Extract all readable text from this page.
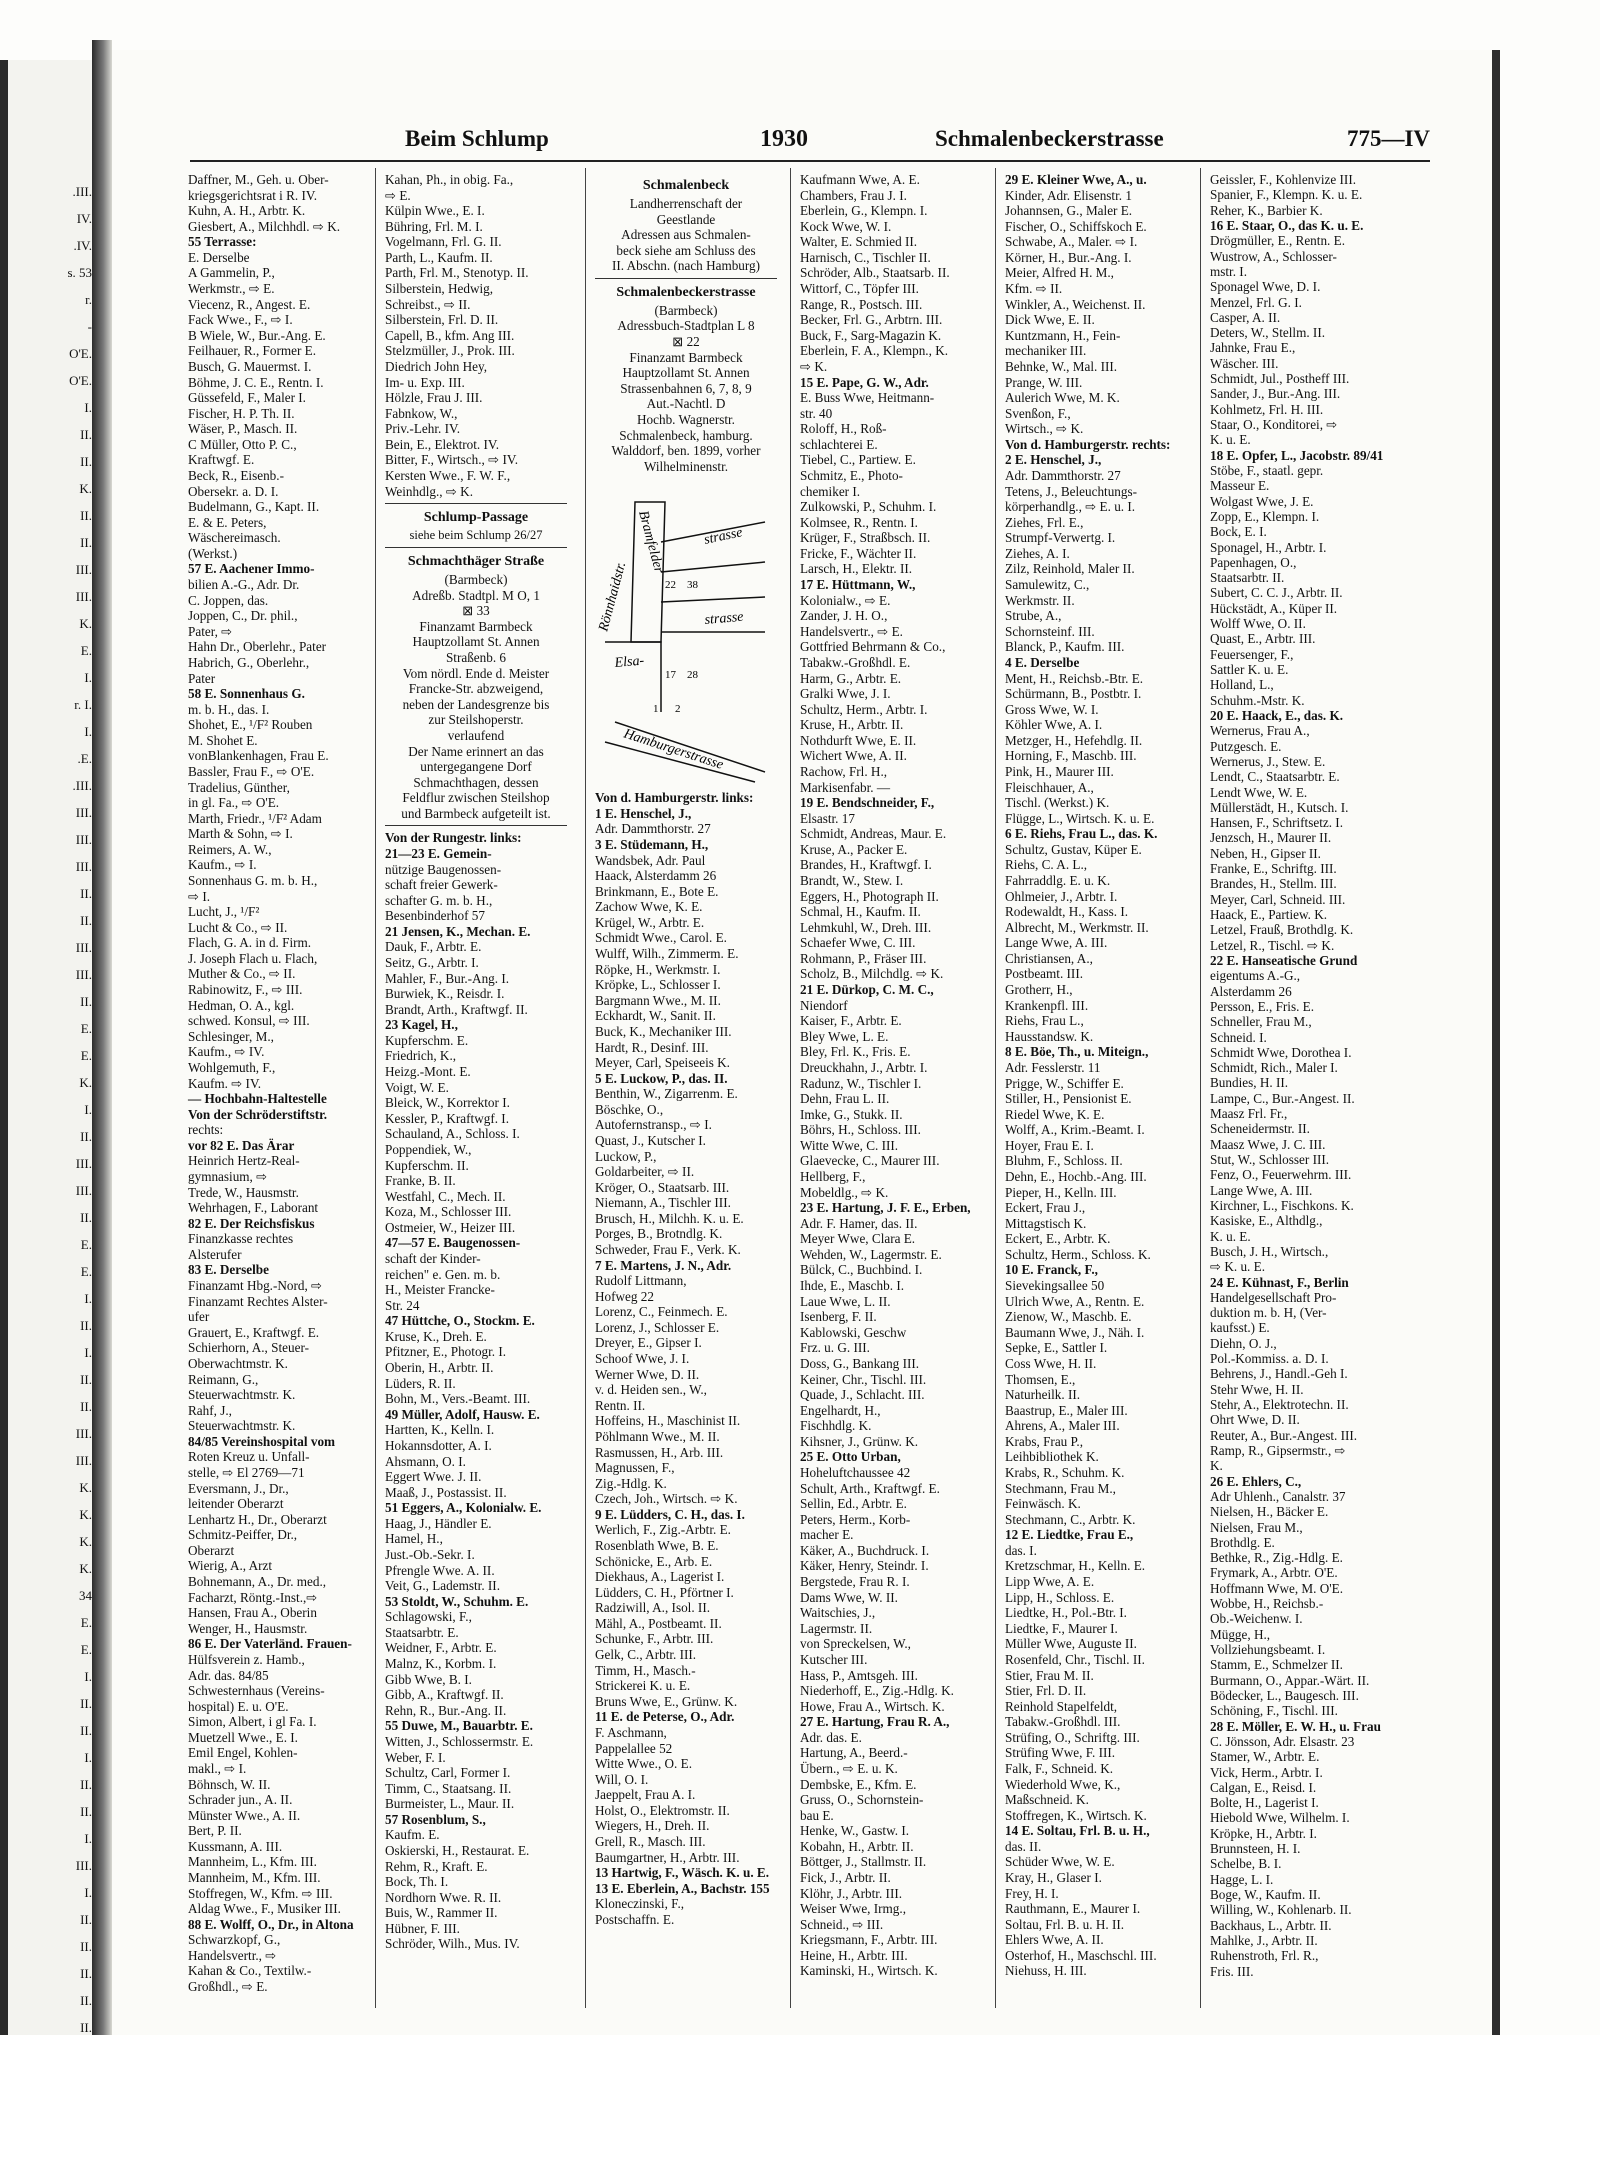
.III.
IV.
.IV.
s. 53
r.
-
O'E.
O'E.
I.
II.
II.
K.
II.
II.
III.
III.
K.
E.
I.
r. I.
I.
.E.
.III.
III.
III.
III.
II.
II.
III.
III.
II.
E.
E.
K.
I.
II.
III.
III.
II.
E.
E.
I.
II.
I.
II.
II.
III.
III.
K.
K.
K.
K.
34
E.
E.
I.
II.
II.
I.
II.
II.
I.
III.
I.
II.
II.
II.
II.
II.
Beim Schlump	1930	Schmalenbeckerstrasse	775—IV
Daffner, M., Geh. u. Ober-
kriegsgerichtsrat i R. IV.
Kuhn, A. H., Arbtr. K.
Giesbert, A., Milchhdl. ⇨ K.
55 Terrasse:
E. Derselbe
A Gammelin, P.,
Werkmstr., ⇨ E.
Viecenz, R., Angest. E.
Fack Wwe., F., ⇨ I.
B Wiele, W., Bur.-Ang. E.
Feilhauer, R., Former E.
Busch, G. Mauermst. I.
Böhme, J. C. E., Rentn. I.
Güssefeld, F., Maler I.
Fischer, H. P. Th. II.
Wäser, P., Masch. II.
C Müller, Otto P. C.,
Kraftwgf. E.
Beck, R., Eisenb.-
Obersekr. a. D. I.
Budelmann, G., Kapt. II.
E. & E. Peters,
Wäschereimasch.
(Werkst.)
57 E. Aachener Immo-
bilien A.-G., Adr. Dr.
C. Joppen, das.
Joppen, C., Dr. phil.,
Pater, ⇨
Hahn Dr., Oberlehr., Pater
Habrich, G., Oberlehr.,
Pater
58 E. Sonnenhaus G.
m. b. H., das. I.
Shohet, E., ¹/F² Rouben
M. Shohet E.
vonBlankenhagen, Frau E.
Bassler, Frau F., ⇨ O'E.
Tradelius, Günther,
in gl. Fa., ⇨ O'E.
Marth, Friedr., ¹/F² Adam
Marth & Sohn, ⇨ I.
Reimers, A. W.,
Kaufm., ⇨ I.
Sonnenhaus G. m. b. H.,
⇨ I.
Lucht, J., ¹/F²
Lucht & Co., ⇨ II.
Flach, G. A. in d. Firm.
J. Joseph Flach u. Flach,
Muther & Co., ⇨ II.
Rabinowitz, F., ⇨ III.
Hedman, O. A., kgl.
schwed. Konsul, ⇨ III.
Schlesinger, M.,
Kaufm., ⇨ IV.
Wohlgemuth, F.,
Kaufm. ⇨ IV.
— Hochbahn-Haltestelle
Von der Schröderstiftstr.
rechts:
vor 82 E. Das Ärar
Heinrich Hertz-Real-
gymnasium, ⇨
Trede, W., Hausmstr.
Wehrhagen, F., Laborant
82 E. Der Reichsfiskus
Finanzkasse rechtes
Alsterufer
83 E. Derselbe
Finanzamt Hbg.-Nord, ⇨
Finanzamt Rechtes Alster-
ufer
Grauert, E., Kraftwgf. E.
Schierhorn, A., Steuer-
Oberwachtmstr. K.
Reimann, G.,
Steuerwachtmstr. K.
Rahf, J.,
Steuerwachtmstr. K.
84/85 Vereinshospital vom
Roten Kreuz u. Unfall-
stelle, ⇨ El 2769—71
Eversmann, J., Dr.,
leitender Oberarzt
Lenhartz H., Dr., Oberarzt
Schmitz-Peiffer, Dr.,
Oberarzt
Wierig, A., Arzt
Bohnemann, A., Dr. med.,
Facharzt, Röntg.-Inst.,⇨
Hansen, Frau A., Oberin
Wenger, H., Hausmstr.
86 E. Der Vaterländ. Frauen-
Hülfsverein z. Hamb.,
Adr. das. 84/85
Schwesternhaus (Vereins-
hospital) E. u. O'E.
Simon, Albert, i gl Fa. I.
Muetzell Wwe., E. I.
Emil Engel, Kohlen-
makl., ⇨ I.
Böhnsch, W. II.
Schrader jun., A. II.
Münster Wwe., A. II.
Bert, P. II.
Kussmann, A. III.
Mannheim, L., Kfm. III.
Mannheim, M., Kfm. III.
Stoffregen, W., Kfm. ⇨ III.
Aldag Wwe., F., Musiker III.
88 E. Wolff, O., Dr., in Altona
Schwarzkopf, G.,
Handelsvertr., ⇨
Kahan & Co., Textilw.-
Großhdl., ⇨ E.
Kahan, Ph., in obig. Fa.,
⇨ E.
Külpin Wwe., E. I.
Bühring, Frl. M. I.
Vogelmann, Frl. G. II.
Parth, L., Kaufm. II.
Parth, Frl. M., Stenotyp. II.
Silberstein, Hedwig,
Schreibst., ⇨ II.
Silberstein, Frl. D. II.
Capell, B., kfm. Ang III.
Stelzmüller, J., Prok. III.
Diedrich John Hey,
Im- u. Exp. III.
Hölzle, Frau J. III.
Fabnkow, W.,
Priv.-Lehr. IV.
Bein, E., Elektrot. IV.
Bitter, F., Wirtsch., ⇨ IV.
Kersten Wwe., F. W. F.,
Weinhdlg., ⇨ K.
Schlump-Passage
siehe beim Schlump 26/27
Schmachthäger Straße
(Barmbeck)
Adreßb. Stadtpl. M O, 1
⊠ 33
Finanzamt Barmbeck
Hauptzollamt St. Annen
Straßenb. 6
Vom nördl. Ende d. Meister
Francke-Str. abzweigend,
neben der Landesgrenze bis
zur Steilshoperstr.
verlaufend
Der Name erinnert an das
untergegangene Dorf
Schmachthagen, dessen
Feldflur zwischen Steilshop
und Barmbeck aufgeteilt ist.
Von der Rungestr. links:
21—23 E. Gemein-
nützige Baugenossen-
schaft freier Gewerk-
schafter G. m. b. H.,
Besenbinderhof 57
21 Jensen, K., Mechan. E.
Dauk, F., Arbtr. E.
Seitz, G., Arbtr. I.
Mahler, F., Bur.-Ang. I.
Burwiek, K., Reisdr. I.
Brandt, Arth., Kraftwgf. II.
23 Kagel, H.,
Kupferschm. E.
Friedrich, K.,
Heizg.-Mont. E.
Voigt, W. E.
Bleick, W., Korrektor I.
Kessler, P., Kraftwgf. I.
Schauland, A., Schloss. I.
Poppendiek, W.,
Kupferschm. II.
Franke, B. II.
Westfahl, C., Mech. II.
Koza, M., Schlosser III.
Ostmeier, W., Heizer III.
47—57 E. Baugenossen-
schaft der Kinder-
reichen" e. Gen. m. b.
H., Meister Francke-
Str. 24
47 Hüttche, O., Stockm. E.
Kruse, K., Dreh. E.
Pfitzner, E., Photogr. I.
Oberin, H., Arbtr. II.
Lüders, R. II.
Bohn, M., Vers.-Beamt. III.
49 Müller, Adolf, Hausw. E.
Hartten, K., Kelln. I.
Hokannsdotter, A. I.
Ahsmann, O. I.
Eggert Wwe. J. II.
Maaß, J., Postassist. II.
51 Eggers, A., Kolonialw. E.
Haag, J., Händler E.
Hamel, H.,
Just.-Ob.-Sekr. I.
Pfrengle Wwe. A. II.
Veit, G., Lademstr. II.
53 Stoldt, W., Schuhm. E.
Schlagowski, F.,
Staatsarbtr. E.
Weidner, F., Arbtr. E.
Malnz, K., Korbm. I.
Gibb Wwe, B. I.
Gibb, A., Kraftwgf. II.
Rehn, R., Bur.-Ang. II.
55 Duwe, M., Bauarbtr. E.
Witten, J., Schlossermstr. E.
Weber, F. I.
Schultz, Carl, Former I.
Timm, C., Staatsang. II.
Burmeister, L., Maur. II.
57 Rosenblum, S.,
Kaufm. E.
Oskierski, H., Restaurat. E.
Rehm, R., Kraft. E.
Bock, Th. I.
Nordhorn Wwe. R. II.
Buis, W., Rammer II.
Hübner, F. III.
Schröder, Wilh., Mus. IV.
Schmalenbeck
Landherrenschaft der
Geestlande
Adressen aus Schmalen-
beck siehe am Schluss des
II. Abschn. (nach Hamburg)
Schmalenbeckerstrasse
(Barmbeck)
Adressbuch-Stadtplan L 8
⊠ 22
Finanzamt Barmbeck
Hauptzollamt St. Annen
Strassenbahnen 6, 7, 8, 9
Aut.-Nachtl. D
Hochb. Wagnerstr.
Schmalenbeck, hamburg.
Walddorf, ben. 1899, vorher
Wilhelminenstr.
Bramfelder
Rönnhaidstr.
strasse
Elsa-
strasse
Hamburgerstrasse
22 38
17 28
1 2
Von d. Hamburgerstr. links:
1 E. Henschel, J.,
Adr. Dammthorstr. 27
3 E. Stüdemann, H.,
Wandsbek, Adr. Paul
Haack, Alsterdamm 26
Brinkmann, E., Bote E.
Zachow Wwe, K. E.
Krügel, W., Arbtr. E.
Schmidt Wwe., Carol. E.
Wulff, Wilh., Zimmerm. E.
Röpke, H., Werkmstr. I.
Kröpke, L., Schlosser I.
Bargmann Wwe., M. II.
Eckhardt, W., Sanit. II.
Buck, K., Mechaniker III.
Hardt, R., Desinf. III.
Meyer, Carl, Speiseeis K.
5 E. Luckow, P., das. II.
Benthin, W., Zigarrenm. E.
Böschke, O.,
Autofernstransp., ⇨ I.
Quast, J., Kutscher I.
Luckow, P.,
Goldarbeiter, ⇨ II.
Kröger, O., Staatsarb. III.
Niemann, A., Tischler III.
Brusch, H., Milchh. K. u. E.
Porges, B., Brotndlg. K.
Schweder, Frau F., Verk. K.
7 E. Martens, J. N., Adr.
Rudolf Littmann,
Hofweg 22
Lorenz, C., Feinmech. E.
Lorenz, J., Schlosser E.
Dreyer, E., Gipser I.
Schoof Wwe, J. I.
Werner Wwe, D. II.
v. d. Heiden sen., W.,
Rentn. II.
Hoffeins, H., Maschinist II.
Pöhlmann Wwe., M. II.
Rasmussen, H., Arb. III.
Magnussen, F.,
Zig.-Hdlg. K.
Czech, Joh., Wirtsch. ⇨ K.
9 E. Lüdders, C. H., das. I.
Werlich, F., Zig.-Arbtr. E.
Rosenblath Wwe, B. E.
Schönicke, E., Arb. E.
Diekhaus, A., Lagerist I.
Lüdders, C. H., Pförtner I.
Radziwill, A., Isol. II.
Mähl, A., Postbeamt. II.
Schunke, F., Arbtr. III.
Gelk, C., Arbtr. III.
Timm, H., Masch.-
Strickerei K. u. E.
Bruns Wwe, E., Grünw. K.
11 E. de Peterse, O., Adr.
F. Aschmann,
Pappelallee 52
Witte Wwe., O. E.
Will, O. I.
Jaeppelt, Frau A. I.
Holst, O., Elektromstr. II.
Wiegers, H., Dreh. II.
Grell, R., Masch. III.
Baumgartner, H., Arbtr. III.
13 Hartwig, F., Wäsch. K. u. E.
13 E. Eberlein, A., Bachstr. 155
Kloneczinski, F.,
Postschaffn. E.
Kaufmann Wwe, A. E.
Chambers, Frau J. I.
Eberlein, G., Klempn. I.
Kock Wwe, W. I.
Walter, E. Schmied II.
Harnisch, C., Tischler II.
Schröder, Alb., Staatsarb. II.
Wittorf, C., Töpfer III.
Range, R., Postsch. III.
Becker, Frl. G., Arbtrn. III.
Buck, F., Sarg-Magazin K.
Eberlein, F. A., Klempn., K.
⇨ K.
15 E. Pape, G. W., Adr.
E. Buss Wwe, Heitmann-
str. 40
Roloff, H., Roß-
schlachterei E.
Tiebel, C., Partiew. E.
Schmitz, E., Photo-
chemiker I.
Zulkowski, P., Schuhm. I.
Kolmsee, R., Rentn. I.
Krüger, F., Straßbsch. II.
Fricke, F., Wächter II.
Larsch, H., Elektr. II.
17 E. Hüttmann, W.,
Kolonialw., ⇨ E.
Zander, J. H. O.,
Handelsvertr., ⇨ E.
Gottfried Behrmann & Co.,
Tabakw.-Großhdl. E.
Harm, G., Arbtr. E.
Gralki Wwe, J. I.
Schultz, Herm., Arbtr. I.
Kruse, H., Arbtr. II.
Nothdurft Wwe, E. II.
Wichert Wwe, A. II.
Rachow, Frl. H.,
Markisenfabr. —
19 E. Bendschneider, F.,
Elsastr. 17
Schmidt, Andreas, Maur. E.
Kruse, A., Packer E.
Brandes, H., Kraftwgf. I.
Brandt, W., Stew. I.
Eggers, H., Photograph II.
Schmal, H., Kaufm. II.
Lehmkuhl, W., Dreh. III.
Schaefer Wwe, C. III.
Rohmann, P., Fräser III.
Scholz, B., Milchdlg. ⇨ K.
21 E. Dürkop, C. M. C.,
Niendorf
Kaiser, F., Arbtr. E.
Bley Wwe, L. E.
Bley, Frl. K., Fris. E.
Dreuckhahn, J., Arbtr. I.
Radunz, W., Tischler I.
Dehn, Frau L. II.
Imke, G., Stukk. II.
Böhrs, H., Schloss. III.
Witte Wwe, C. III.
Glaevecke, C., Maurer III.
Hellberg, F.,
Mobeldlg., ⇨ K.
23 E. Hartung, J. F. E., Erben,
Adr. F. Hamer, das. II.
Meyer Wwe, Clara E.
Wehden, W., Lagermstr. E.
Bülck, C., Buchbind. I.
Ihde, E., Maschb. I.
Laue Wwe, L. II.
Isenberg, F. II.
Kablowski, Geschw
Frz. u. G. III.
Doss, G., Bankang III.
Keiner, Chr., Tischl. III.
Quade, J., Schlacht. III.
Engelhardt, H.,
Fischhdlg. K.
Kihsner, J., Grünw. K.
25 E. Otto Urban,
Hoheluftchaussee 42
Schult, Arth., Kraftwgf. E.
Sellin, Ed., Arbtr. E.
Peters, Herm., Korb-
macher E.
Käker, A., Buchdruck. I.
Käker, Henry, Steindr. I.
Bergstede, Frau R. I.
Dams Wwe, W. II.
Waitschies, J.,
Lagermstr. II.
von Spreckelsen, W.,
Kutscher III.
Hass, P., Amtsgeh. III.
Niederhoff, E., Zig.-Hdlg. K.
Howe, Frau A., Wirtsch. K.
27 E. Hartung, Frau R. A.,
Adr. das. E.
Hartung, A., Beerd.-
Übern., ⇨ E. u. K.
Dembske, E., Kfm. E.
Gruss, O., Schornstein-
bau E.
Henke, W., Gastw. I.
Kobahn, H., Arbtr. II.
Böttger, J., Stallmstr. II.
Fick, J., Arbtr. II.
Klöhr, J., Arbtr. III.
Weiser Wwe, Irmg.,
Schneid., ⇨ III.
Kriegsmann, F., Arbtr. III.
Heine, H., Arbtr. III.
Kaminski, H., Wirtsch. K.
29 E. Kleiner Wwe, A., u.
Kinder, Adr. Elisenstr. 1
Johannsen, G., Maler E.
Fischer, O., Schiffskoch E.
Schwabe, A., Maler. ⇨ I.
Körner, H., Bur.-Ang. I.
Meier, Alfred H. M.,
Kfm. ⇨ II.
Winkler, A., Weichenst. II.
Dick Wwe, E. II.
Kuntzmann, H., Fein-
mechaniker III.
Behnke, W., Mal. III.
Prange, W. III.
Aulerich Wwe, M. K.
Svenßon, F.,
Wirtsch., ⇨ K.
Von d. Hamburgerstr. rechts:
2 E. Henschel, J.,
Adr. Dammthorstr. 27
Tetens, J., Beleuchtungs-
körperhandlg., ⇨ E. u. I.
Ziehes, Frl. E.,
Strumpf-Verwertg. I.
Ziehes, A. I.
Zilz, Reinhold, Maler II.
Samulewitz, C.,
Werkmstr. II.
Strube, A.,
Schornsteinf. III.
Blanck, P., Kaufm. III.
4 E. Derselbe
Ment, H., Reichsb.-Btr. E.
Schürmann, B., Postbtr. I.
Gross Wwe, W. I.
Köhler Wwe, A. I.
Metzger, H., Hefehdlg. II.
Horning, F., Maschb. III.
Pink, H., Maurer III.
Fleischhauer, A.,
Tischl. (Werkst.) K.
Flügge, L., Wirtsch. K. u. E.
6 E. Riehs, Frau L., das. K.
Schultz, Gustav, Küper E.
Riehs, C. A. L.,
Fahrraddlg. E. u. K.
Ohlmeier, J., Arbtr. I.
Rodewaldt, H., Kass. I.
Albrecht, M., Werkmstr. II.
Lange Wwe, A. III.
Christiansen, A.,
Postbeamt. III.
Grotherr, H.,
Krankenpfl. III.
Riehs, Frau L.,
Hausstandsw. K.
8 E. Böe, Th., u. Miteign.,
Adr. Fesslerstr. 11
Prigge, W., Schiffer E.
Stiller, H., Pensionist E.
Riedel Wwe, K. E.
Wolff, A., Krim.-Beamt. I.
Hoyer, Frau E. I.
Bluhm, F., Schloss. II.
Dehn, E., Hochb.-Ang. III.
Pieper, H., Kelln. III.
Eckert, Frau J.,
Mittagstisch K.
Eckert, E., Arbtr. K.
Schultz, Herm., Schloss. K.
10 E. Franck, F.,
Sievekingsallee 50
Ulrich Wwe, A., Rentn. E.
Zienow, W., Maschb. E.
Baumann Wwe, J., Näh. I.
Sepke, E., Sattler I.
Coss Wwe, H. II.
Thomsen, E.,
Naturheilk. II.
Baastrup, E., Maler III.
Ahrens, A., Maler III.
Krabs, Frau P.,
Leihbibliothek K.
Krabs, R., Schuhm. K.
Stechmann, Frau M.,
Feinwäsch. K.
Stechmann, C., Arbtr. K.
12 E. Liedtke, Frau E.,
das. I.
Kretzschmar, H., Kelln. E.
Lipp Wwe, A. E.
Lipp, H., Schloss. E.
Liedtke, H., Pol.-Btr. I.
Liedtke, F., Maurer I.
Müller Wwe, Auguste II.
Rosenfeld, Chr., Tischl. II.
Stier, Frau M. II.
Stier, Frl. D. II.
Reinhold Stapelfeldt,
Tabakw.-Großhdl. III.
Strüfing, O., Schriftg. III.
Strüfing Wwe, F. III.
Falk, F., Schneid. K.
Wiederhold Wwe, K.,
Maßschneid. K.
Stoffregen, K., Wirtsch. K.
14 E. Soltau, Frl. B. u. H.,
das. II.
Schüder Wwe, W. E.
Kray, H., Glaser I.
Frey, H. I.
Rauthmann, E., Maurer I.
Soltau, Frl. B. u. H. II.
Ehlers Wwe, A. II.
Osterhof, H., Maschschl. III.
Niehuss, H. III.
Geissler, F., Kohlenvize III.
Spanier, F., Klempn. K. u. E.
Reher, K., Barbier K.
16 E. Staar, O., das K. u. E.
Drögmüller, E., Rentn. E.
Wustrow, A., Schlosser-
mstr. I.
Sponagel Wwe, D. I.
Menzel, Frl. G. I.
Casper, A. II.
Deters, W., Stellm. II.
Jahnke, Frau E.,
Wäscher. III.
Schmidt, Jul., Postheff III.
Sander, J., Bur.-Ang. III.
Kohlmetz, Frl. H. III.
Staar, O., Konditorei, ⇨
K. u. E.
18 E. Opfer, L., Jacobstr. 89/41
Stöbe, F., staatl. gepr.
Masseur E.
Wolgast Wwe, J. E.
Zopp, E., Klempn. I.
Bock, E. I.
Sponagel, H., Arbtr. I.
Papenhagen, O.,
Staatsarbtr. II.
Subert, C. C. J., Arbtr. II.
Hückstädt, A., Küper II.
Wolff Wwe, O. II.
Quast, E., Arbtr. III.
Feuersenger, F.,
Sattler K. u. E.
Holland, L.,
Schuhm.-Mstr. K.
20 E. Haack, E., das. K.
Wernerus, Frau A.,
Putzgesch. E.
Wernerus, J., Stew. E.
Lendt, C., Staatsarbtr. E.
Lendt Wwe, W. E.
Müllerstädt, H., Kutsch. I.
Hansen, F., Schriftsetz. I.
Jenzsch, H., Maurer II.
Neben, H., Gipser II.
Franke, E., Schriftg. III.
Brandes, H., Stellm. III.
Meyer, Carl, Schneid. III.
Haack, E., Partiew. K.
Letzel, Frauß, Brothdlg. K.
Letzel, R., Tischl. ⇨ K.
22 E. Hanseatische Grund
eigentums A.-G.,
Alsterdamm 26
Persson, E., Fris. E.
Schneller, Frau M.,
Schneid. I.
Schmidt Wwe, Dorothea I.
Schmidt, Rich., Maler I.
Bundies, H. II.
Lampe, C., Bur.-Angest. II.
Maasz Frl. Fr.,
Scheneidermstr. II.
Maasz Wwe, J. C. III.
Stut, W., Schlosser III.
Fenz, O., Feuerwehrm. III.
Lange Wwe, A. III.
Kirchner, L., Fischkons. K.
Kasiske, E., Althdlg.,
K. u. E.
Busch, J. H., Wirtsch.,
⇨ K. u. E.
24 E. Kühnast, F., Berlin
Handelgesellschaft Pro-
duktion m. b. H, (Ver-
kaufsst.) E.
Diehn, O. J.,
Pol.-Kommiss. a. D. I.
Behrens, J., Handl.-Geh I.
Stehr Wwe, H. II.
Stehr, A., Elektrotechn. II.
Ohrt Wwe, D. II.
Reuter, A., Bur.-Angest. III.
Ramp, R., Gipsermstr., ⇨
K.
26 E. Ehlers, C.,
Adr Uhlenh., Canalstr. 37
Nielsen, H., Bäcker E.
Nielsen, Frau M.,
Brothdlg. E.
Bethke, R., Zig.-Hdlg. E.
Frymark, A., Arbtr. O'E.
Hoffmann Wwe, M. O'E.
Wobbe, H., Reichsb.-
Ob.-Weichenw. I.
Mügge, H.,
Vollziehungsbeamt. I.
Stamm, E., Schmelzer II.
Burmann, O., Appar.-Wärt. II.
Bödecker, L., Baugesch. III.
Schöning, F., Tischl. III.
28 E. Möller, E. W. H., u. Frau
C. Jönsson, Adr. Elsastr. 23
Stamer, W., Arbtr. E.
Vick, Herm., Arbtr. I.
Calgan, E., Reisd. I.
Bolte, H., Lagerist I.
Hiebold Wwe, Wilhelm. I.
Kröpke, H., Arbtr. I.
Brunnsteen, H. I.
Schelbe, B. I.
Hagge, L. I.
Boge, W., Kaufm. II.
Willing, W., Kohlenarb. II.
Backhaus, L., Arbtr. II.
Mahlke, J., Arbtr. II.
Ruhenstroth, Frl. R.,
Fris. III.
